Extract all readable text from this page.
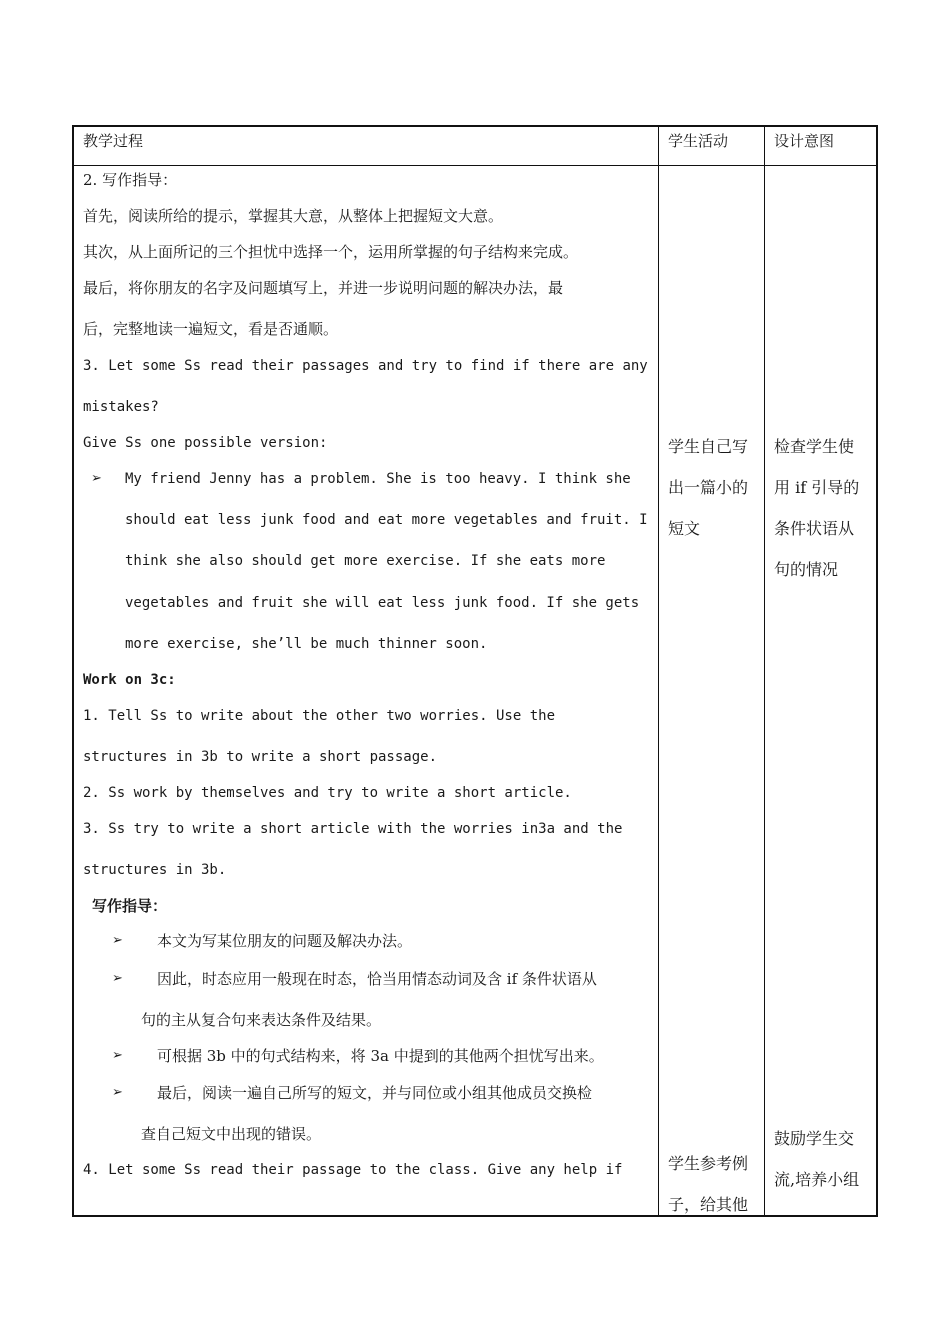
教学过程	学生活动	设计意图
2. 写作指导：
首先，阅读所给的提示，掌握其大意，从整体上把握短文大意。
其次，从上面所记的三个担忧中选择一个，运用所掌握的句子结构来完成。
最后，将你朋友的名字及问题填写上，并进一步说明问题的解决办法，最
后，完整地读一遍短文，看是否通顺。
3. Let some Ss read their passages and try to find if there are any
mistakes?
Give Ss one possible version:
➢ My friend Jenny has a problem. She is too heavy. I think she
should eat less junk food and eat more vegetables and fruit. I
think she also should get more exercise. If she eats more
vegetables and fruit she will eat less junk food. If she gets
more exercise, she’ll be much thinner soon.
Work on 3c:
1. Tell Ss to write about the other two worries. Use the
structures in 3b to write a short passage.
2. Ss work by themselves and try to write a short article.
3. Ss try to write a short article with the worries in3a and the
structures in 3b.
写作指导：
➢ 本文为写某位朋友的问题及解决办法。
➢ 因此，时态应用一般现在时态，恰当用情态动词及含 if 条件状语从
句的主从复合句来表达条件及结果。
➢ 可根据 3b 中的句式结构来，将 3a 中提到的其他两个担忧写出来。
➢ 最后，阅读一遍自己所写的短文，并与同位或小组其他成员交换检
查自己短文中出现的错误。
4. Let some Ss read their passage to the class. Give any help if
学生自己写
出一篇小的
短文
学生参考例
子，给其他
检查学生使
用 if 引导的
条件状语从
句的情况
鼓励学生交
流,培养小组
